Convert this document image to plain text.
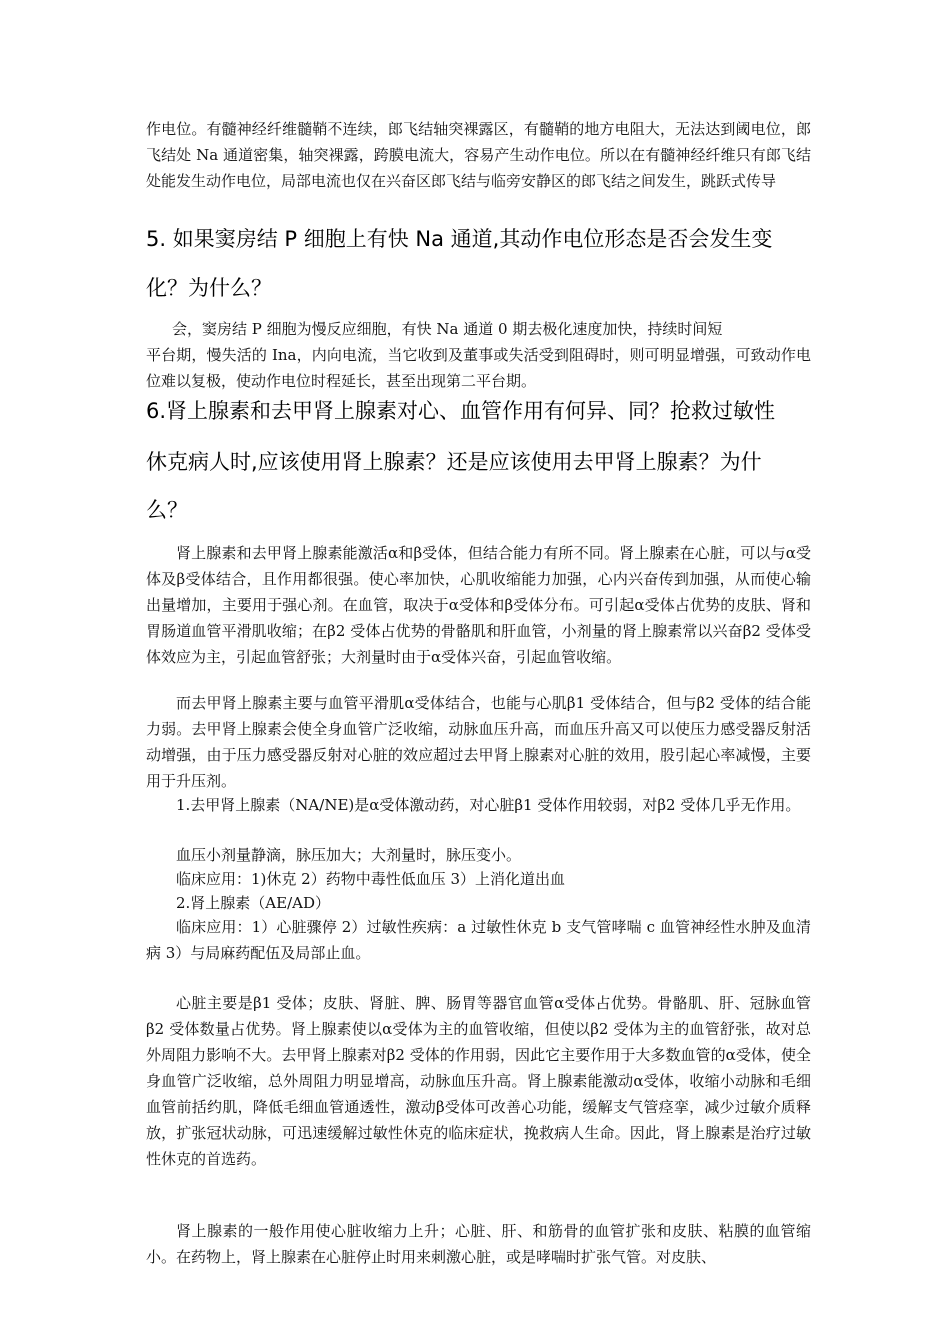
作电位。有髓神经纤维髓鞘不连续，郎飞结轴突裸露区，有髓鞘的地方电阻大，无法达到阈电位，郎飞结处 Na 通道密集，轴突裸露，跨膜电流大，容易产生动作电位。所以在有髓神经纤维只有郎飞结处能发生动作电位，局部电流也仅在兴奋区郎飞结与临旁安静区的郎飞结之间发生，跳跃式传导

5. 如果窦房结 P 细胞上有快 Na 通道,其动作电位形态是否会发生变

化？为什么？

会，窦房结 P 细胞为慢反应细胞，有快 Na 通道 0 期去极化速度加快，持续时间短

平台期，慢失活的 Ina，内向电流，当它收到及董事或失活受到阻碍时，则可明显增强，可致动作电位难以复极，使动作电位时程延长，甚至出现第二平台期。

6.肾上腺素和去甲肾上腺素对心、血管作用有何异、同？抢救过敏性

休克病人时,应该使用肾上腺素？还是应该使用去甲肾上腺素？为什

么？

肾上腺素和去甲肾上腺素能激活α和β受体，但结合能力有所不同。肾上腺素在心脏，可以与α受体及β受体结合，且作用都很强。使心率加快，心肌收缩能力加强，心内兴奋传到加强，从而使心输出量增加，主要用于强心剂。在血管，取决于α受体和β受体分布。可引起α受体占优势的皮肤、肾和胃肠道血管平滑肌收缩；在β2 受体占优势的骨骼肌和肝血管，小剂量的肾上腺素常以兴奋β2 受体受体效应为主，引起血管舒张；大剂量时由于α受体兴奋，引起血管收缩。

而去甲肾上腺素主要与血管平滑肌α受体结合，也能与心肌β1 受体结合，但与β2 受体的结合能力弱。去甲肾上腺素会使全身血管广泛收缩，动脉血压升高，而血压升高又可以使压力感受器反射活动增强，由于压力感受器反射对心脏的效应超过去甲肾上腺素对心脏的效用，股引起心率减慢，主要用于升压剂。

1.去甲肾上腺素（NA/NE)是α受体激动药，对心脏β1 受体作用较弱，对β2 受体几乎无作用。

血压小剂量静滴，脉压加大；大剂量时，脉压变小。

临床应用：1)休克 2）药物中毒性低血压 3）上消化道出血

2.肾上腺素（AE/AD）

临床应用：1）心脏骤停 2）过敏性疾病：a 过敏性休克 b 支气管哮喘 c 血管神经性水肿及血清病 3）与局麻药配伍及局部止血。

心脏主要是β1 受体；皮肤、肾脏、脾、肠胃等器官血管α受体占优势。骨骼肌、肝、冠脉血管β2 受体数量占优势。肾上腺素使以α受体为主的血管收缩，但使以β2 受体为主的血管舒张，故对总外周阻力影响不大。去甲肾上腺素对β2 受体的作用弱，因此它主要作用于大多数血管的α受体，使全身血管广泛收缩，总外周阻力明显增高，动脉血压升高。肾上腺素能激动α受体，收缩小动脉和毛细血管前括约肌，降低毛细血管通透性，激动β受体可改善心功能，缓解支气管痉挛，减少过敏介质释放，扩张冠状动脉，可迅速缓解过敏性休克的临床症状，挽救病人生命。因此，肾上腺素是治疗过敏性休克的首选药。

肾上腺素的一般作用使心脏收缩力上升；心脏、肝、和筋骨的血管扩张和皮肤、粘膜的血管缩小。在药物上，肾上腺素在心脏停止时用来刺激心脏，或是哮喘时扩张气管。对皮肤、
